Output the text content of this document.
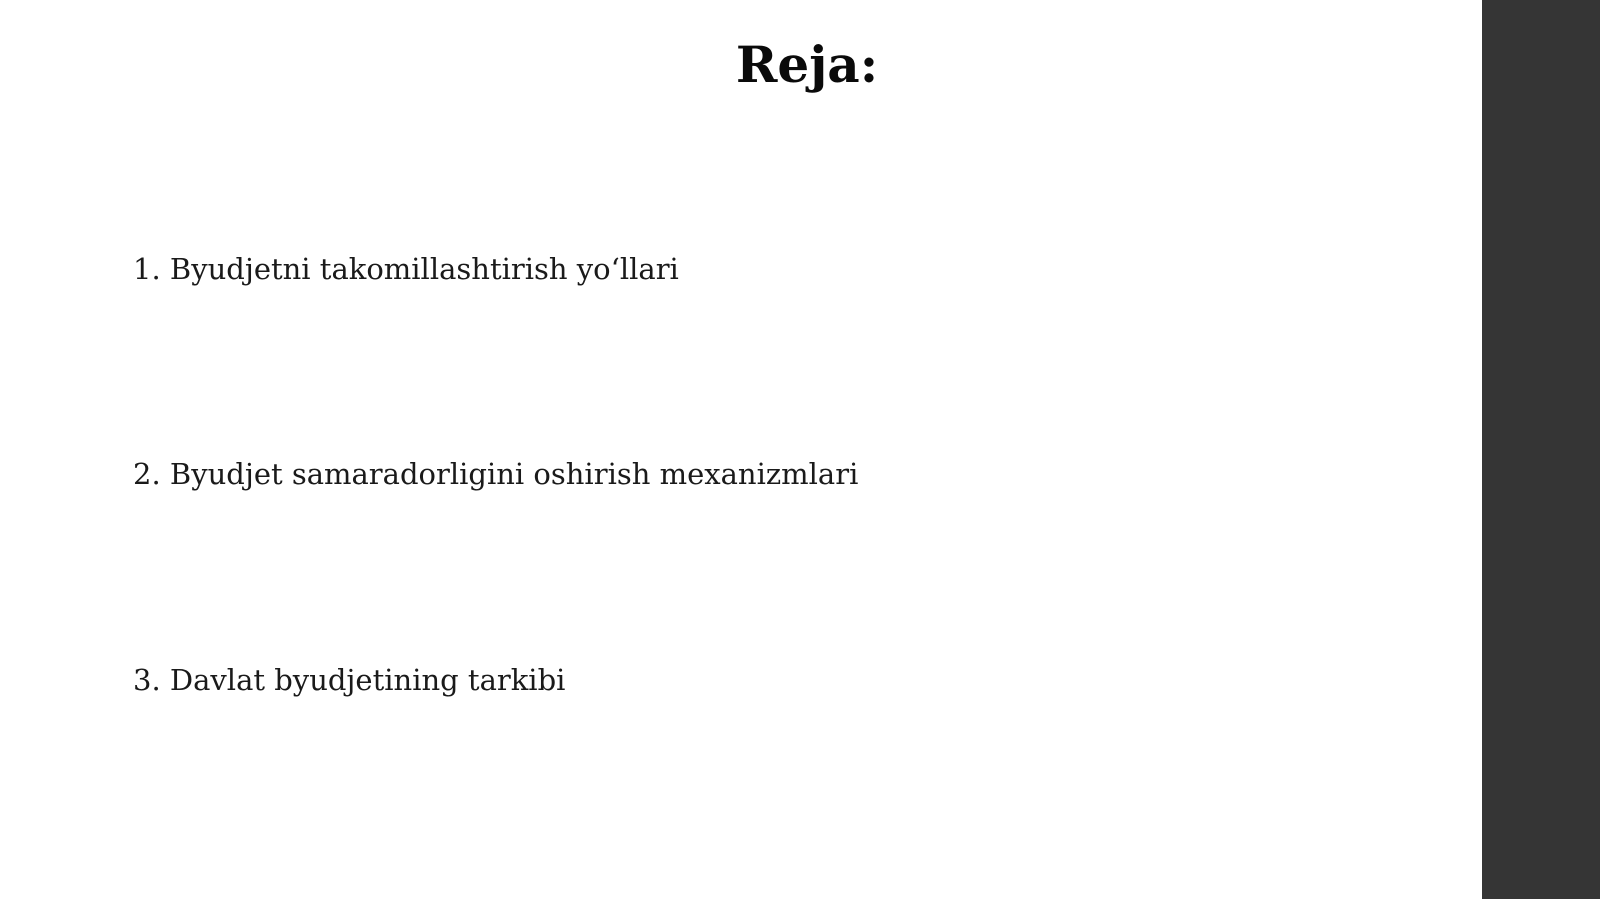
Reja:
1. Byudjetni takomillashtirish yo‘llari
2. Byudjet samaradorligini oshirish mexanizmlari
3. Davlat byudjetining tarkibi
